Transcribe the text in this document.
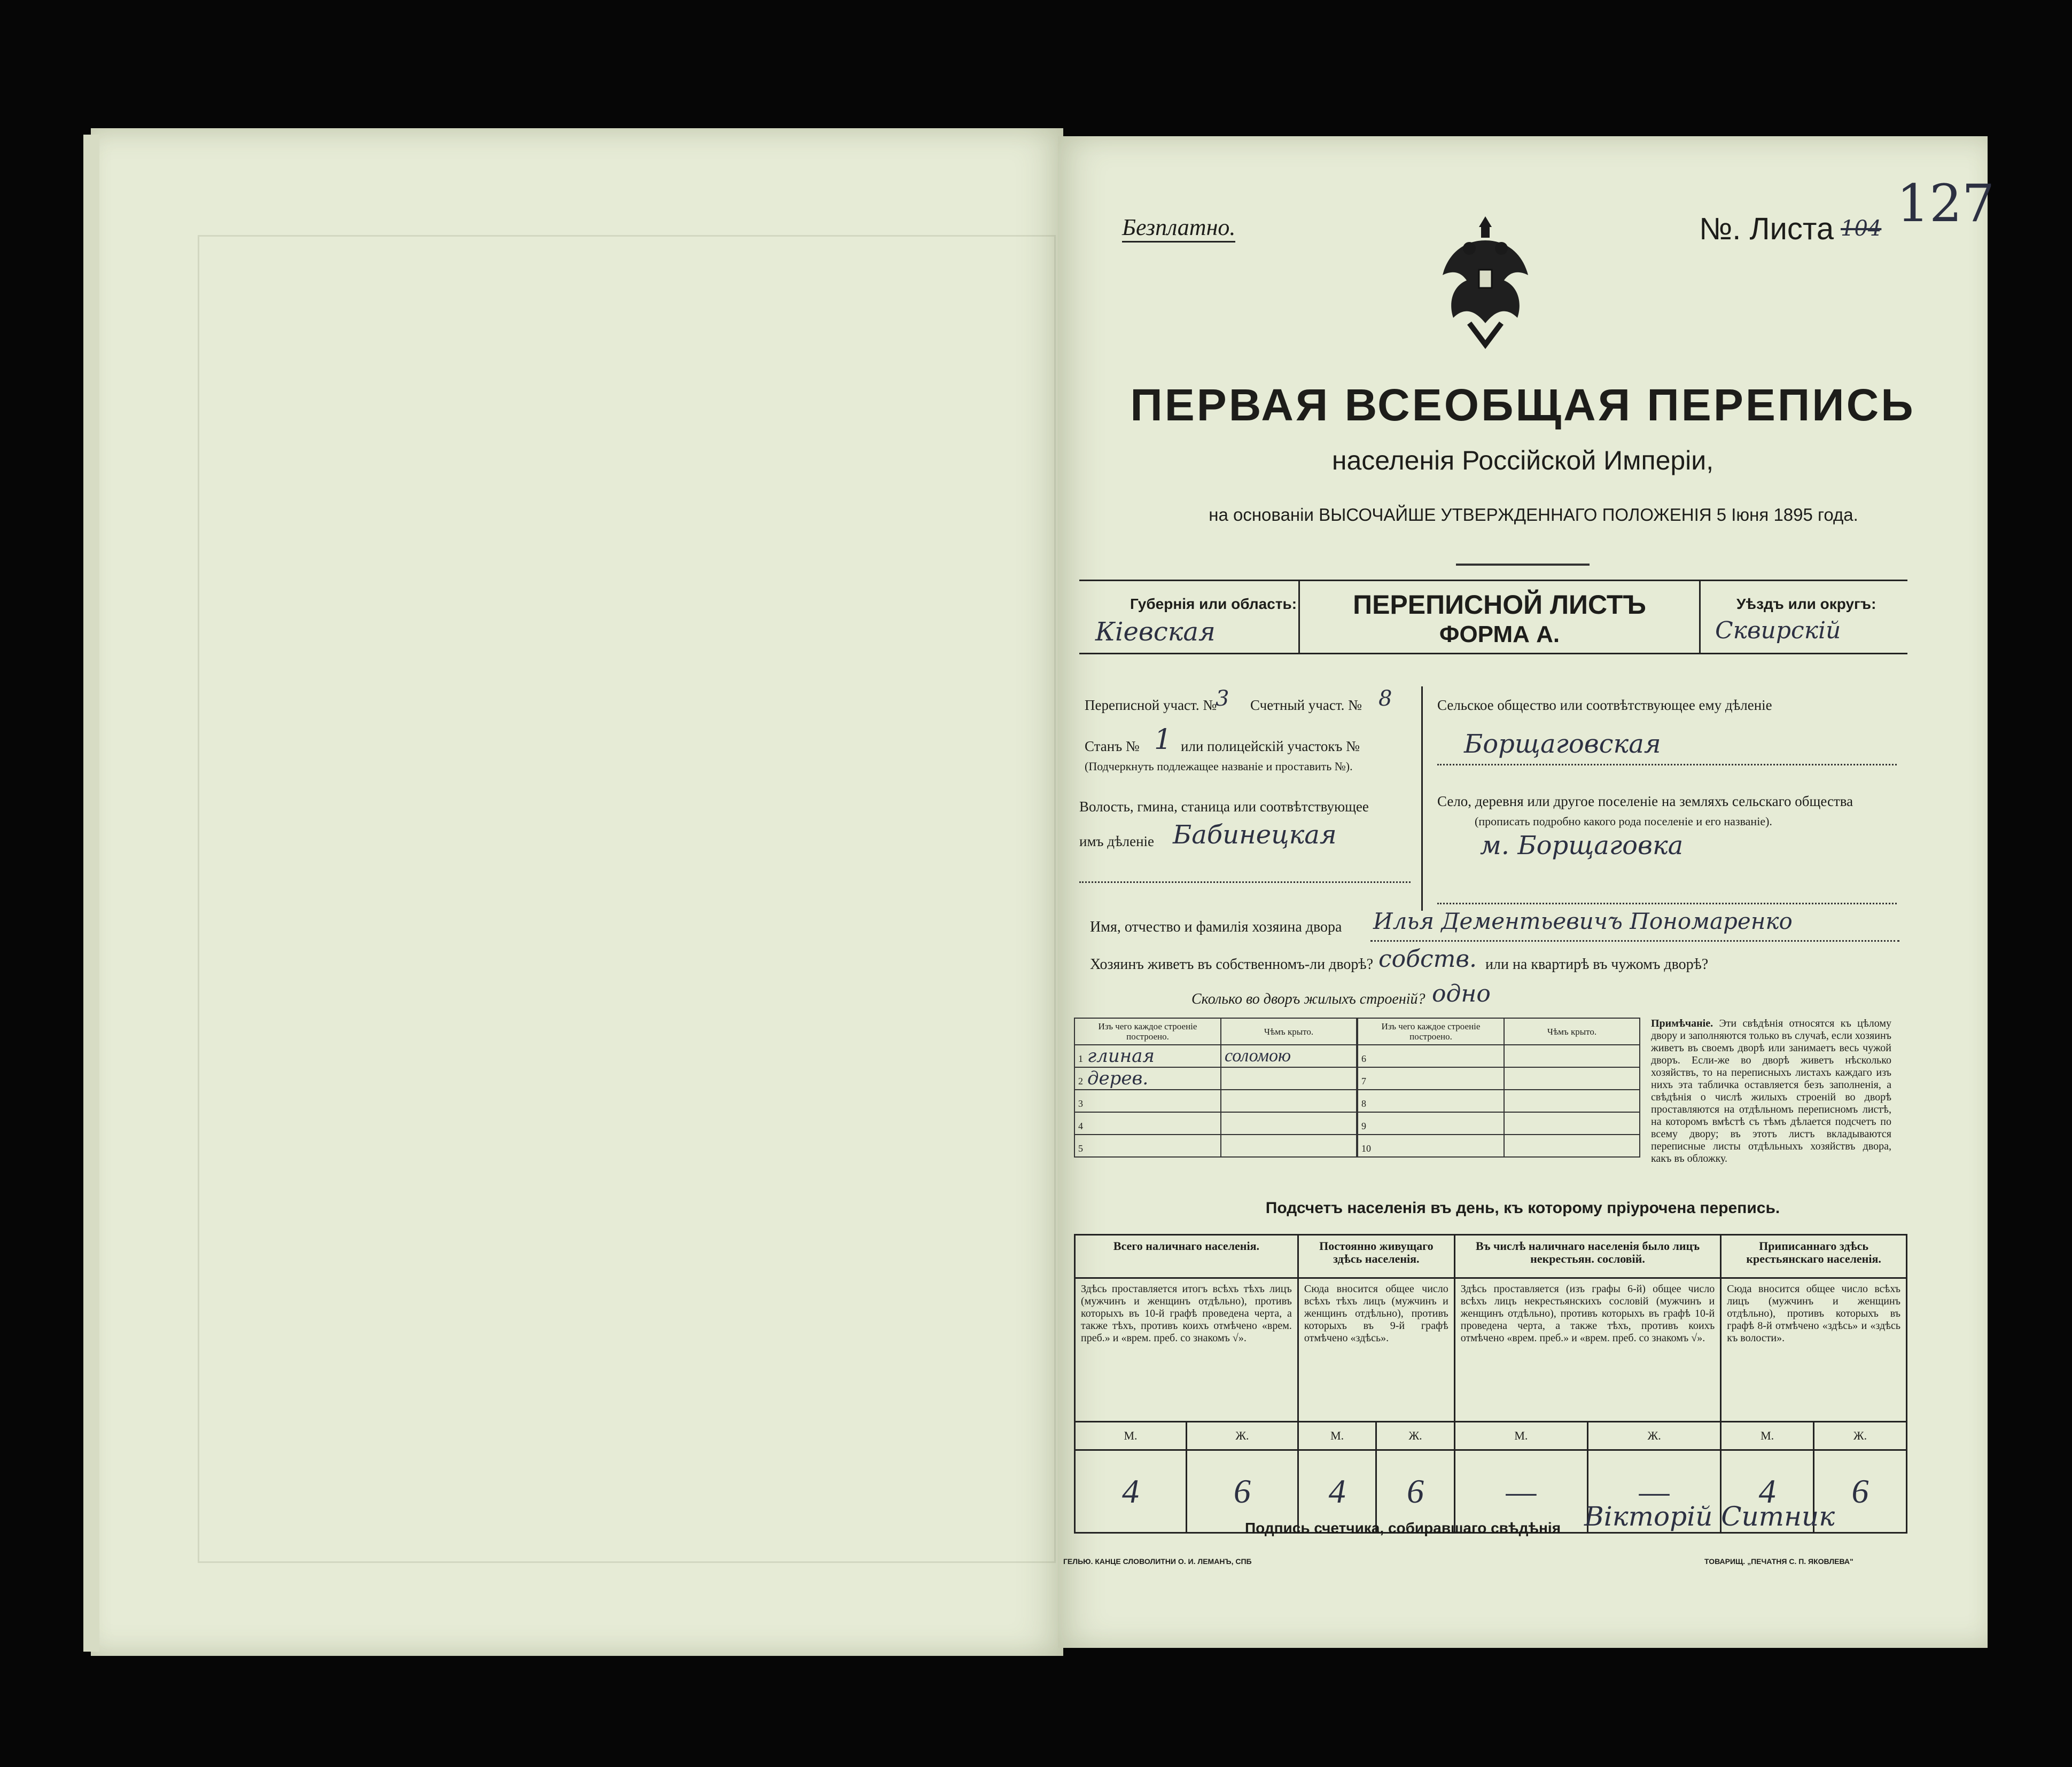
Безплатно.	№. Листа 104 127
ПЕРВАЯ ВСЕОБЩАЯ ПЕРЕПИСЬ
населенія Россійской Имперіи,
на основаніи ВЫСОЧАЙШЕ УТВЕРЖДЕННАГО ПОЛОЖЕНІЯ 5 Іюня 1895 года.
Губернія или область:
Кіевская
ПЕРЕПИСНОЙ ЛИСТЪ
ФОРМА А.
Уѣздъ или округъ:
Сквирскій
Переписной участ. №
3 Счетный участ. № 8
Станъ № 1 или полицейскій участокъ №
(Подчеркнуть подлежащее названіе и проставить №).
Волость, гмина, станица или соотвѣтствующее
имъ дѣленіе Бабинецкая
Сельское общество или соотвѣтствующее ему дѣленіе
Борщаговская
Село, деревня или другое поселеніе на земляхъ сельскаго общества
(прописать подробно какого рода поселеніе и его названіе).
м. Борщаговка
Имя, отчество и фамилія хозяина двора Илья Дементьевичъ Пономаренко
Хозяинъ живетъ въ собственномъ-ли дворѣ? собств. или на квартирѣ въ чужомъ дворѣ?
Сколько во дворъ жилыхъ строеній? одно
Изъ чего каждое строеніе построено.	Чѣмъ крыто.
1 глиная	соломою
2 дерев.	
3	
4	
5	
Изъ чего каждое строеніе построено.	Чѣмъ крыто.
6	
7	
8	
9	
10	
Примѣчаніе. Эти свѣдѣнія относятся къ цѣлому двору и заполняются только въ случаѣ, если хозяинъ живетъ въ своемъ дворѣ или занимаетъ весь чужой дворъ. Если-же во дворѣ живетъ нѣсколько хозяйствъ, то на переписныхъ листахъ каждаго изъ нихъ эта табличка оставляется безъ заполненія, а свѣдѣнія о числѣ жилыхъ строеній во дворѣ проставляются на отдѣльномъ переписномъ листѣ, на которомъ вмѣстѣ съ тѣмъ дѣлается подсчетъ по всему двору; въ этотъ листъ вкладываются переписные листы отдѣльныхъ хозяйствъ двора, какъ въ обложку.
Подсчетъ населенія въ день, къ которому пріурочена перепись.
Всего наличнаго населенія.		Постоянно живущаго здѣсь населенія.		Въ числѣ наличнаго населенія было лицъ некрестьян. сословій.		Приписаннаго здѣсь крестьянскаго населенія.	
Здѣсь проставляется итогъ всѣхъ тѣхъ лицъ (мужчинъ и женщинъ отдѣльно), противъ которыхъ въ 10-й графѣ проведена черта, а также тѣхъ, противъ коихъ отмѣчено «врем. преб.» и «врем. преб. со знакомъ √».		Сюда вносится общее число всѣхъ тѣхъ лицъ (мужчинъ и женщинъ отдѣльно), противъ которыхъ въ 9-й графѣ отмѣчено «здѣсь».		Здѣсь проставляется (изъ графы 6-й) общее число всѣхъ лицъ некрестьянскихъ сословій (мужчинъ и женщинъ отдѣльно), противъ которыхъ въ графѣ 10-й проведена черта, а также тѣхъ, противъ коихъ отмѣчено «врем. преб.» и «врем. преб. со знакомъ √».		Сюда вносится общее число всѣхъ лицъ (мужчинъ и женщинъ отдѣльно), противъ которыхъ въ графѣ 8-й отмѣчено «здѣсь» и «здѣсь къ волости».	
М.	Ж.	М.	Ж.	М.	Ж.	М.	Ж.
4	6	4	6	—	—	4	6
Подпись счетчика, собиравшаго свѣдѣнія Вікторій Ситник
ГЕЛЬЮ. КАНЦЕ СЛОВОЛИТНИ О. И. ЛЕМАНЪ, СПБ	ТОВАРИЩ. „ПЕЧАТНЯ С. П. ЯКОВЛЕВА"
